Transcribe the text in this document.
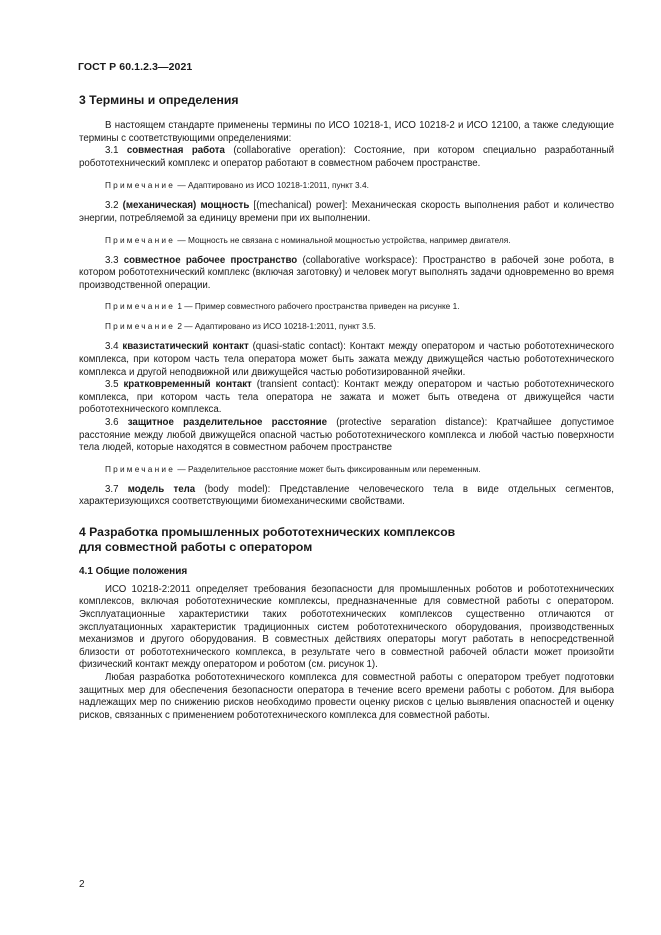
ГОСТ Р 60.1.2.3—2021
3 Термины и определения

В настоящем стандарте применены термины по ИСО 10218-1, ИСО 10218-2 и ИСО 12100, а также следующие термины с соответствующими определениями:

3.1 совместная работа (collaborative operation): Состояние, при котором специально разработанный робототехнический комплекс и оператор работают в совместном рабочем пространстве.

Примечание — Адаптировано из ИСО 10218-1:2011, пункт 3.4.

3.2 (механическая) мощность [(mechanical) power]: Механическая скорость выполнения работ и количество энергии, потребляемой за единицу времени при их выполнении.

Примечание — Мощность не связана с номинальной мощностью устройства, например двигателя.

3.3 совместное рабочее пространство (collaborative workspace): Пространство в рабочей зоне робота, в котором робототехнический комплекс (включая заготовку) и человек могут выполнять задачи одновременно во время производственной операции.

Примечание 1 — Пример совместного рабочего пространства приведен на рисунке 1.

Примечание 2 — Адаптировано из ИСО 10218-1:2011, пункт 3.5.

3.4 квазистатический контакт (quasi-static contact): Контакт между оператором и частью робототехнического комплекса, при котором часть тела оператора может быть зажата между движущейся частью робототехнического комплекса и другой неподвижной или движущейся частью роботизированной ячейки.

3.5 кратковременный контакт (transient contact): Контакт между оператором и частью робототехнического комплекса, при котором часть тела оператора не зажата и может быть отведена от движущейся части робототехнического комплекса.

3.6 защитное разделительное расстояние (protective separation distance): Кратчайшее допустимое расстояние между любой движущейся опасной частью робототехнического комплекса и любой частью поверхности тела людей, которые находятся в совместном рабочем пространстве

Примечание — Разделительное расстояние может быть фиксированным или переменным.

3.7 модель тела (body model): Представление человеческого тела в виде отдельных сегментов, характеризующихся соответствующими биомеханическими свойствами.

4 Разработка промышленных робототехнических комплексов
для совместной работы с оператором
4.1 Общие положения

ИСО 10218-2:2011 определяет требования безопасности для промышленных роботов и робототехнических комплексов, включая робототехнические комплексы, предназначенные для совместной работы с оператором. Эксплуатационные характеристики таких робототехнических комплексов существенно отличаются от эксплуатационных характеристик традиционных систем робототехнического оборудования, производственных механизмов и другого оборудования. В совместных действиях операторы могут работать в непосредственной близости от робототехнического комплекса, в результате чего в совместной рабочей области может произойти физический контакт между оператором и роботом (см. рисунок 1).

Любая разработка робототехнического комплекса для совместной работы с оператором требует подготовки защитных мер для обеспечения безопасности оператора в течение всего времени работы с роботом. Для выбора надлежащих мер по снижению рисков необходимо провести оценку рисков с целью выявления опасностей и оценку рисков, связанных с применением робототехнического комплекса для совместной работы.

2
